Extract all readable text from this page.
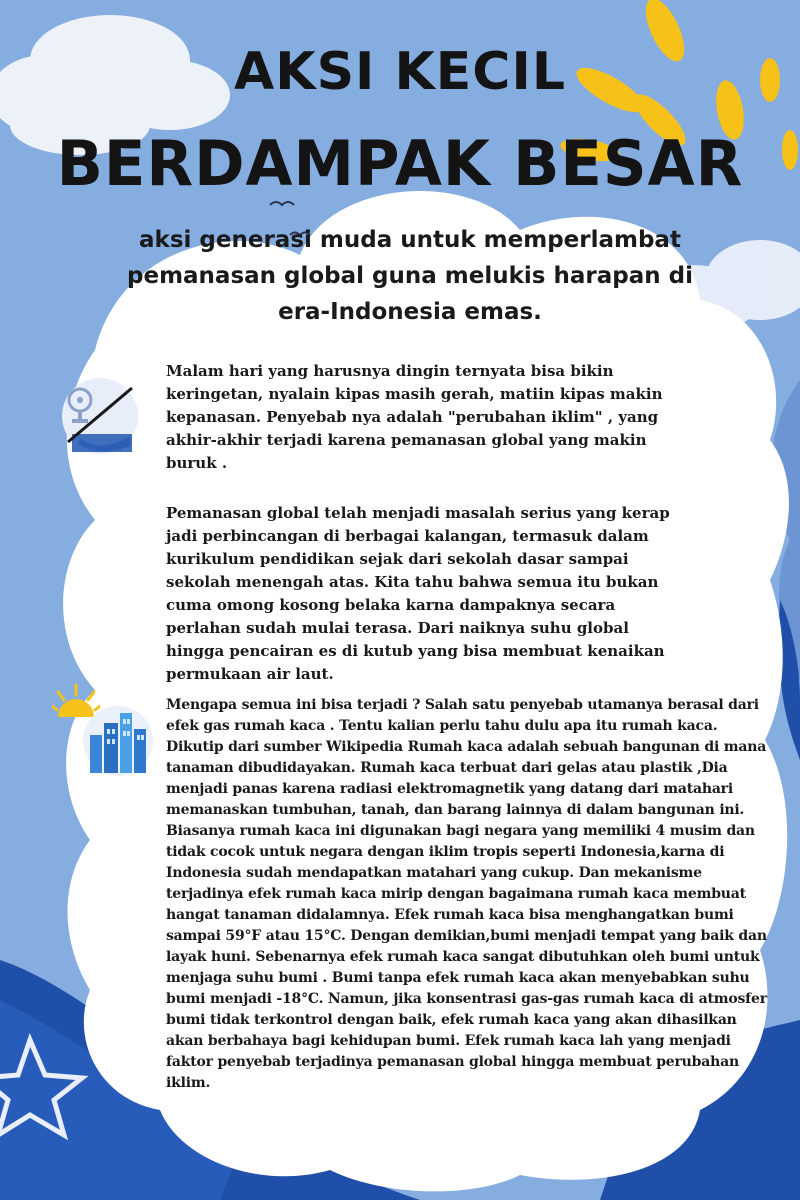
AKSI KECIL
BERDAMPAK BESAR
aksi generasi muda untuk memperlambat pemanasan global guna melukis harapan di era-Indonesia emas.

Malam hari yang harusnya dingin ternyata bisa bikin keringetan, nyalain kipas masih gerah, matiin kipas makin kepanasan. Penyebab nya adalah "perubahan iklim" , yang akhir-akhir terjadi karena pemanasan global yang makin buruk .

Pemanasan global telah menjadi masalah serius yang kerap jadi perbincangan di berbagai kalangan, termasuk dalam kurikulum pendidikan sejak dari sekolah dasar sampai sekolah menengah atas. Kita tahu bahwa semua itu bukan cuma omong kosong belaka karna dampaknya secara perlahan sudah mulai terasa. Dari naiknya suhu global hingga pencairan es di kutub yang bisa membuat kenaikan permukaan air laut.

Mengapa semua ini bisa terjadi ? Salah satu penyebab utamanya berasal dari efek gas rumah kaca . Tentu kalian perlu tahu dulu apa itu rumah kaca. Dikutip dari sumber Wikipedia Rumah kaca adalah sebuah bangunan di mana tanaman dibudidayakan. Rumah kaca terbuat dari gelas atau plastik ,Dia menjadi panas karena radiasi elektromagnetik yang datang dari matahari memanaskan tumbuhan, tanah, dan barang lainnya di dalam bangunan ini. Biasanya rumah kaca ini digunakan bagi negara yang memiliki 4 musim dan tidak cocok untuk negara dengan iklim tropis seperti Indonesia,karna di Indonesia sudah mendapatkan matahari yang cukup. Dan mekanisme terjadinya efek rumah kaca mirip dengan bagaimana rumah kaca membuat hangat tanaman didalamnya. Efek rumah kaca bisa menghangatkan bumi sampai 59°F atau 15°C. Dengan demikian,bumi menjadi tempat yang baik dan layak huni. Sebenarnya efek rumah kaca sangat dibutuhkan oleh bumi untuk menjaga suhu bumi . Bumi tanpa efek rumah kaca akan menyebabkan suhu bumi menjadi -18°C. Namun, jika konsentrasi gas-gas rumah kaca di atmosfer bumi tidak terkontrol dengan baik, efek rumah kaca yang akan dihasilkan akan berbahaya bagi kehidupan bumi. Efek rumah kaca lah yang menjadi faktor penyebab terjadinya pemanasan global hingga membuat perubahan iklim.
